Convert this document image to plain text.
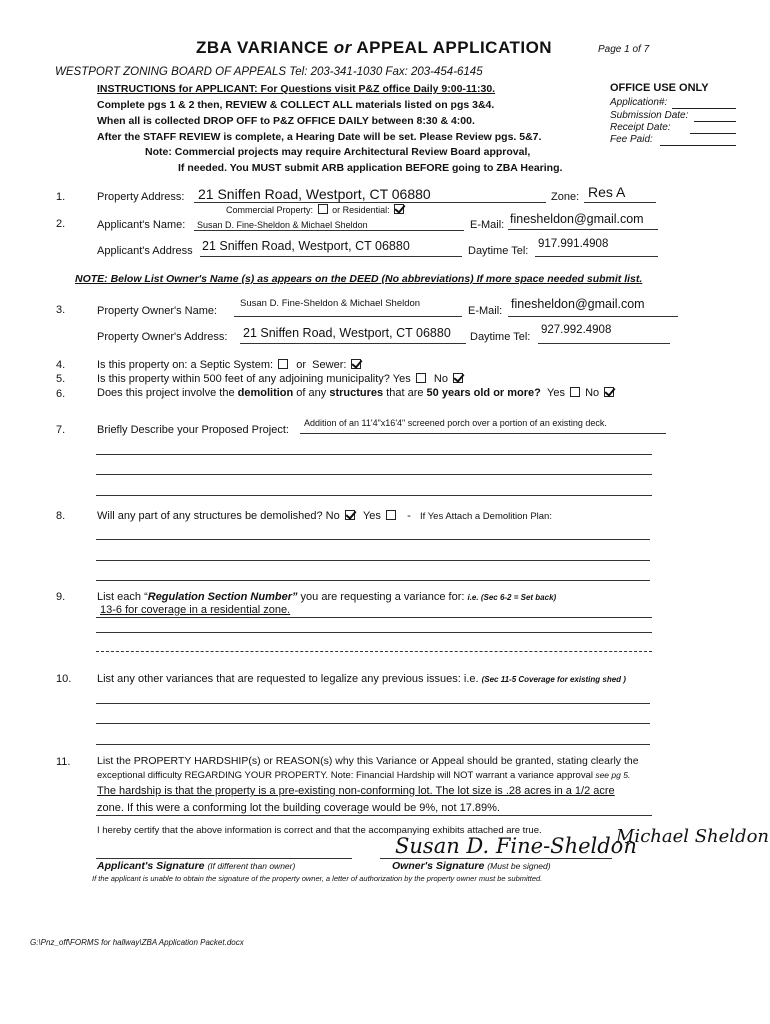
ZBA VARIANCE or APPEAL APPLICATION	Page 1 of 7
WESTPORT ZONING BOARD OF APPEALS Tel: 203-341-1030 Fax: 203-454-6145
INSTRUCTIONS for APPLICANT: For Questions visit P&Z office Daily 9:00-11:30.
Complete pgs 1 & 2 then, REVIEW & COLLECT ALL materials listed on pgs 3&4.
When all is collected DROP OFF to P&Z OFFICE DAILY between 8:30 & 4:00.
After the STAFF REVIEW is complete, a Hearing Date will be set. Please Review pgs. 5&7.
Note: Commercial projects may require Architectural Review Board approval,
If needed. You MUST submit ARB application BEFORE going to ZBA Hearing.
OFFICE USE ONLY
Application#:
Submission Date:
Receipt Date:
Fee Paid:
1.	Property Address: 21 Sniffen Road, Westport, CT 06880	Zone: Res A
Commercial Property: or Residential:
2.	Applicant's Name: Susan D. Fine-Sheldon & Michael Sheldon	E-Mail: finesheldon@gmail.com
Applicant's Address 21 Sniffen Road, Westport, CT 06880	Daytime Tel:
917.991.4908
NOTE: Below List Owner's Name (s) as appears on the DEED (No abbreviations) If more space needed submit list.
3.	Property Owner's Name:
Susan D. Fine-Sheldon & Michael Sheldon
E-Mail: finesheldon@gmail.com
Property Owner's Address: 21 Sniffen Road, Westport, CT 06880 Daytime Tel:
927.992.4908
4.	Is this property on: a Septic System: or Sewer:
5.	Is this property within 500 feet of any adjoining municipality? Yes No
6.	Does this project involve the demolition of any structures that are 50 years old or more? Yes No
7.	Briefly Describe your Proposed Project:
Addition of an 11'4"x16'4" screened porch over a portion of an existing deck.
8.	Will any part of any structures be demolished? No Yes - If Yes Attach a Demolition Plan:
9.	List each “Regulation Section Number” you are requesting a variance for: i.e. (Sec 6-2 = Set back)
13-6 for coverage in a residential zone.
10. List any other variances that are requested to legalize any previous issues: i.e. (Sec 11-5 Coverage for existing shed )
11.	List the PROPERTY HARDSHIP(s) or REASON(s) why this Variance or Appeal should be granted, stating clearly the
exceptional difficulty REGARDING YOUR PROPERTY. Note: Financial Hardship will NOT warrant a variance approval see pg 5.
The hardship is that the property is a pre-existing non-conforming lot. The lot size is .28 acres in a 1/2 acre
zone. If this were a conforming lot the building coverage would be 9%, not 17.89%.
I hereby certify that the above information is correct and that the accompanying exhibits attached are true.
Applicant's Signature (If different than owner)
Susan D. Fine-Sheldon
Michael Sheldon
Owner's Signature (Must be signed)
If the applicant is unable to obtain the signature of the property owner, a letter of authorization by the property owner must be submitted.
G:\Pnz_off\FORMS for hallway\ZBA Application Packet.docx
